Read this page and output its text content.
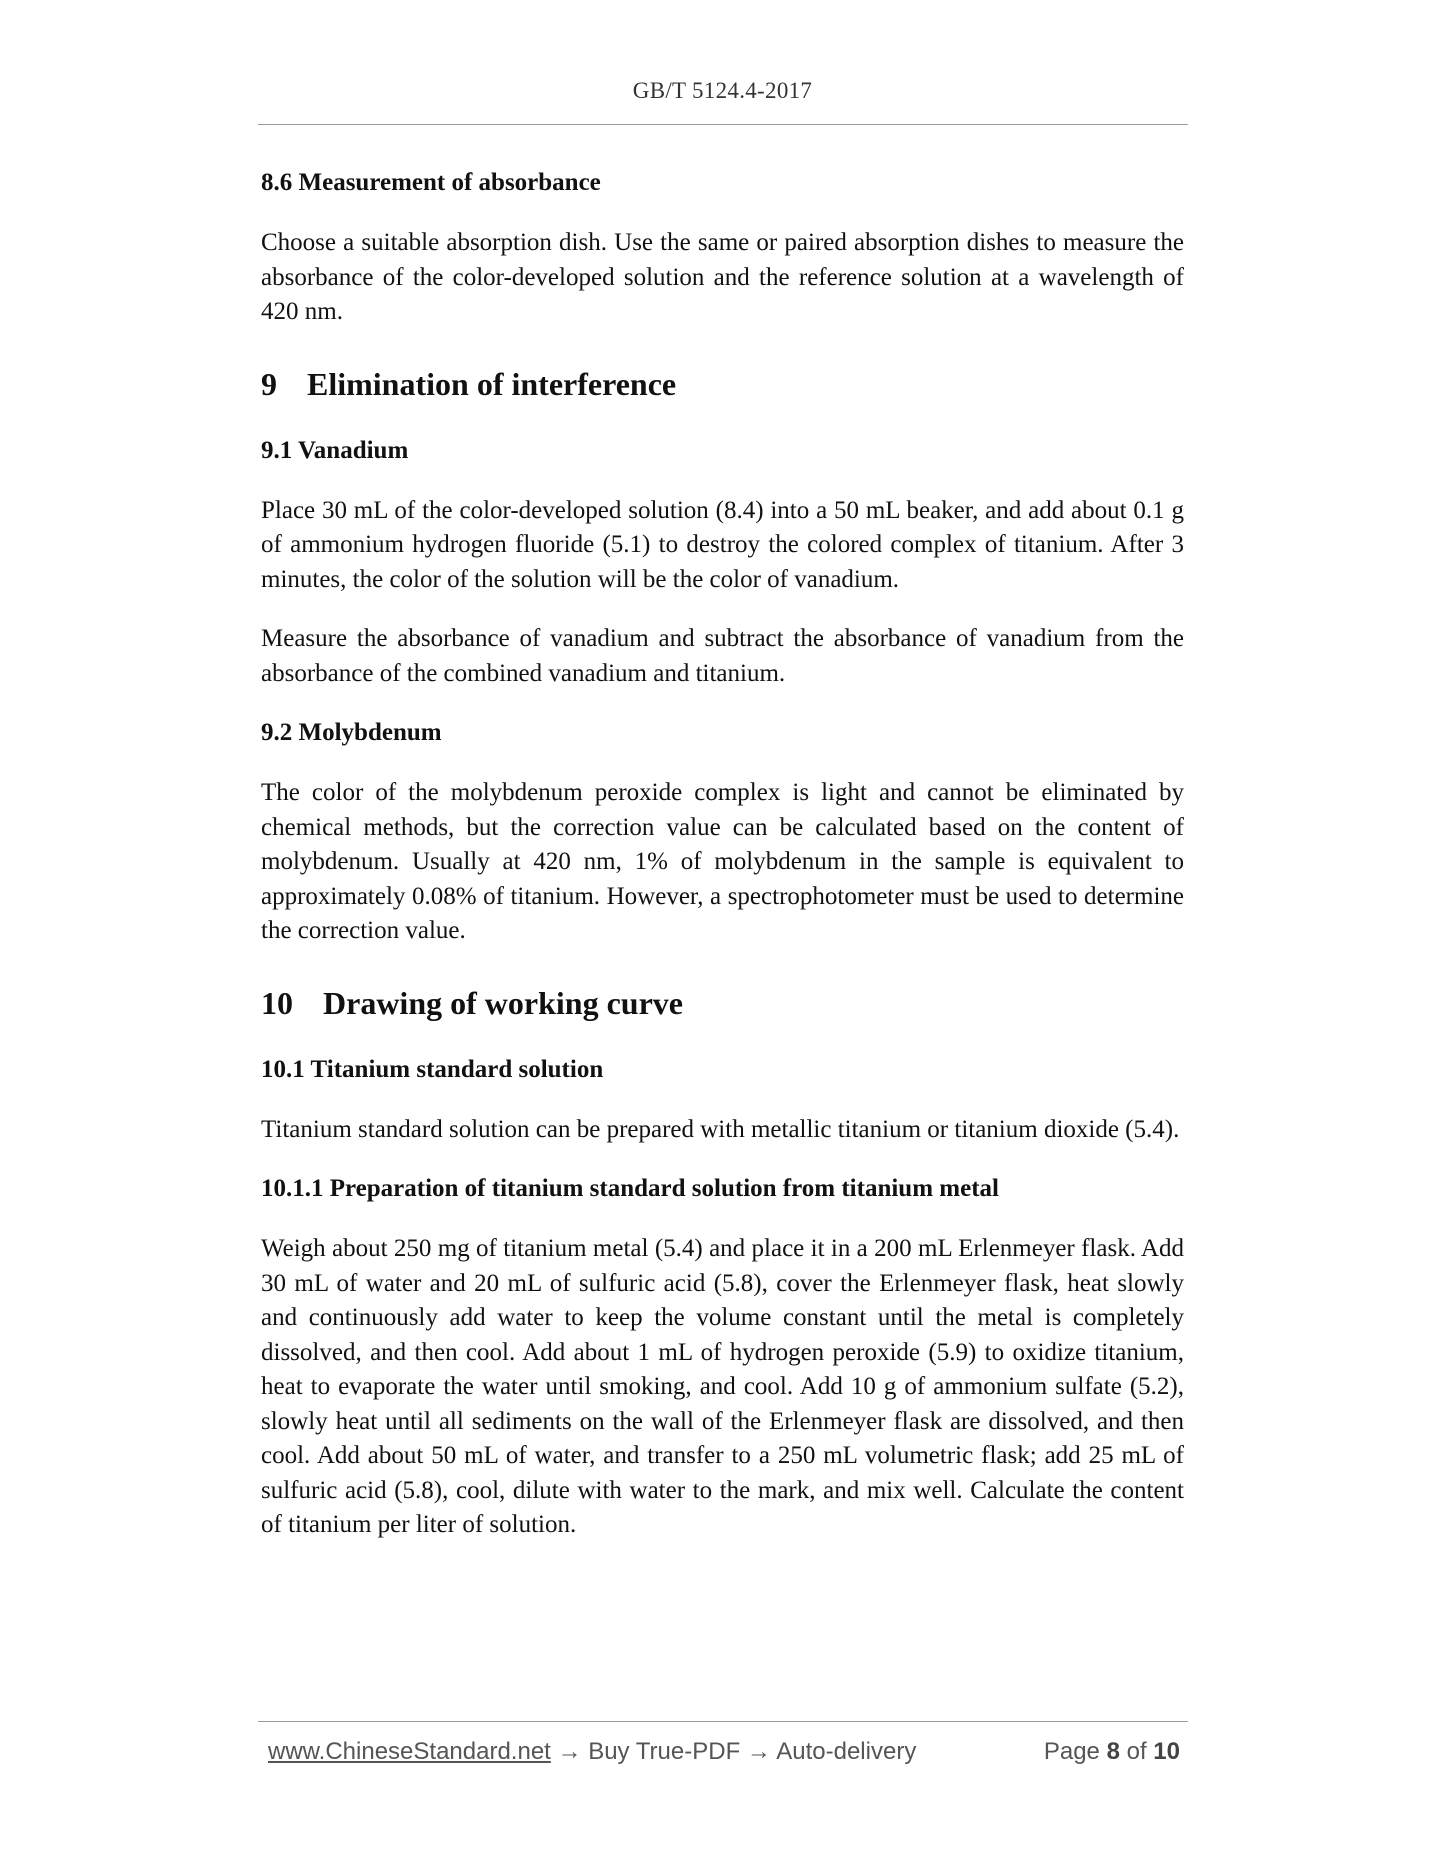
GB/T 5124.4-2017
8.6 Measurement of absorbance
Choose a suitable absorption dish. Use the same or paired absorption dishes to measure the absorbance of the color-developed solution and the reference solution at a wavelength of 420 nm.
9 Elimination of interference
9.1 Vanadium
Place 30 mL of the color-developed solution (8.4) into a 50 mL beaker, and add about 0.1 g of ammonium hydrogen fluoride (5.1) to destroy the colored complex of titanium. After 3 minutes, the color of the solution will be the color of vanadium.
Measure the absorbance of vanadium and subtract the absorbance of vanadium from the absorbance of the combined vanadium and titanium.
9.2 Molybdenum
The color of the molybdenum peroxide complex is light and cannot be eliminated by chemical methods, but the correction value can be calculated based on the content of molybdenum. Usually at 420 nm, 1% of molybdenum in the sample is equivalent to approximately 0.08% of titanium. However, a spectrophotometer must be used to determine the correction value.
10 Drawing of working curve
10.1 Titanium standard solution
Titanium standard solution can be prepared with metallic titanium or titanium dioxide (5.4).
10.1.1 Preparation of titanium standard solution from titanium metal
Weigh about 250 mg of titanium metal (5.4) and place it in a 200 mL Erlenmeyer flask. Add 30 mL of water and 20 mL of sulfuric acid (5.8), cover the Erlenmeyer flask, heat slowly and continuously add water to keep the volume constant until the metal is completely dissolved, and then cool. Add about 1 mL of hydrogen peroxide (5.9) to oxidize titanium, heat to evaporate the water until smoking, and cool. Add 10 g of ammonium sulfate (5.2), slowly heat until all sediments on the wall of the Erlenmeyer flask are dissolved, and then cool. Add about 50 mL of water, and transfer to a 250 mL volumetric flask; add 25 mL of sulfuric acid (5.8), cool, dilute with water to the mark, and mix well. Calculate the content of titanium per liter of solution.
www.ChineseStandard.net → Buy True-PDF → Auto-delivery	Page 8 of 10
